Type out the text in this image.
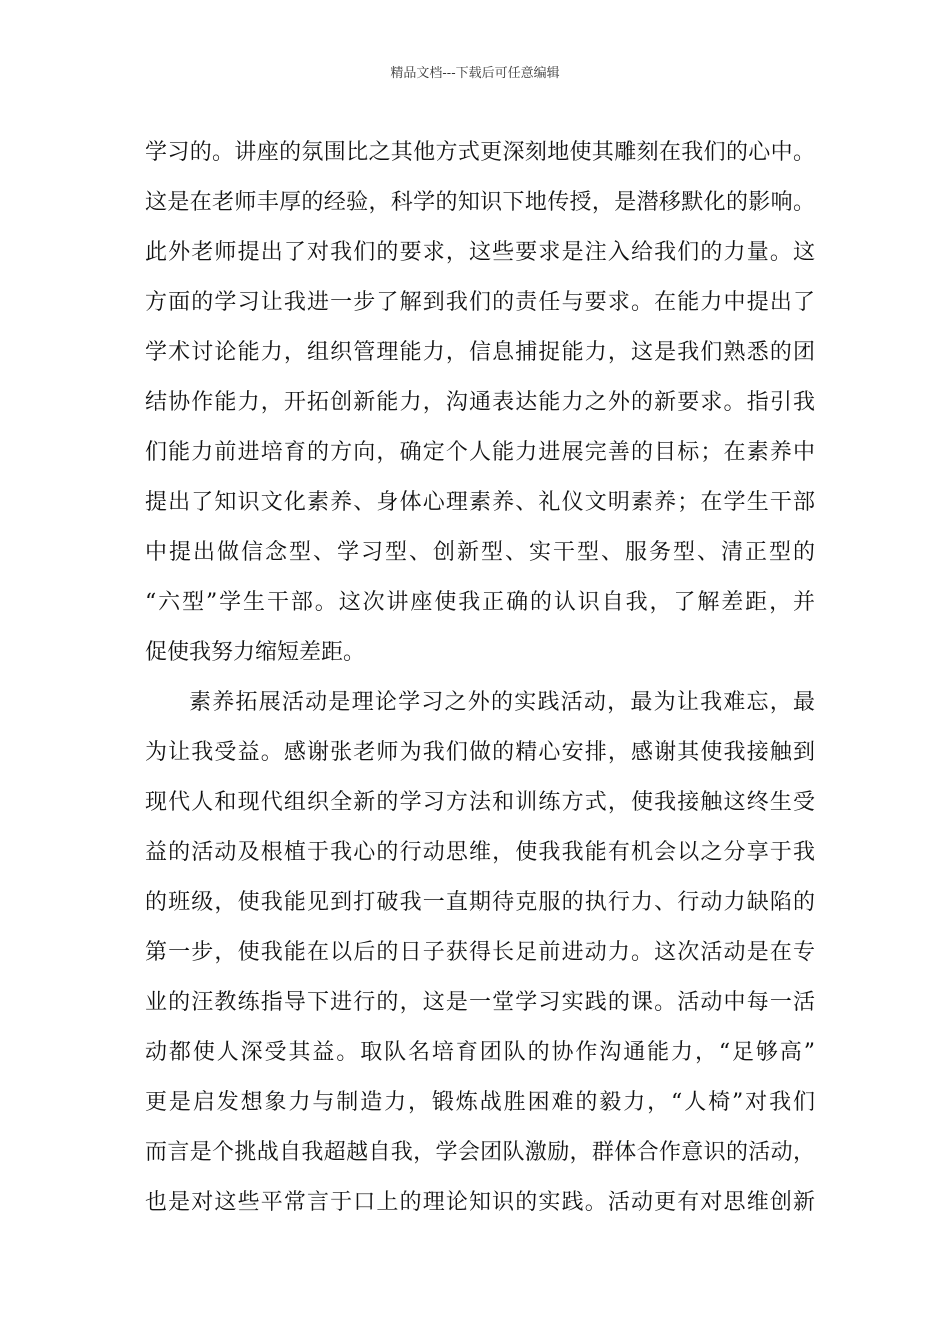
精品文档---下载后可任意编辑
学习的。讲座的氛围比之其他方式更深刻地使其雕刻在我们的心中。
这是在老师丰厚的经验，科学的知识下地传授，是潜移默化的影响。
此外老师提出了对我们的要求，这些要求是注入给我们的力量。这
方面的学习让我进一步了解到我们的责任与要求。在能力中提出了
学术讨论能力，组织管理能力，信息捕捉能力，这是我们熟悉的团
结协作能力，开拓创新能力，沟通表达能力之外的新要求。指引我
们能力前进培育的方向，确定个人能力进展完善的目标；在素养中
提出了知识文化素养、身体心理素养、礼仪文明素养；在学生干部
中提出做信念型、学习型、创新型、实干型、服务型、清正型的
“六型”学生干部。这次讲座使我正确的认识自我，了解差距，并
促使我努力缩短差距。
素养拓展活动是理论学习之外的实践活动，最为让我难忘，最
为让我受益。感谢张老师为我们做的精心安排，感谢其使我接触到
现代人和现代组织全新的学习方法和训练方式，使我接触这终生受
益的活动及根植于我心的行动思维，使我我能有机会以之分享于我
的班级，使我能见到打破我一直期待克服的执行力、行动力缺陷的
第一步，使我能在以后的日子获得长足前进动力。这次活动是在专
业的汪教练指导下进行的，这是一堂学习实践的课。活动中每一活
动都使人深受其益。取队名培育团队的协作沟通能力，“足够高”
更是启发想象力与制造力，锻炼战胜困难的毅力，“人椅”对我们
而言是个挑战自我超越自我，学会团队激励，群体合作意识的活动，
也是对这些平常言于口上的理论知识的实践。活动更有对思维创新
